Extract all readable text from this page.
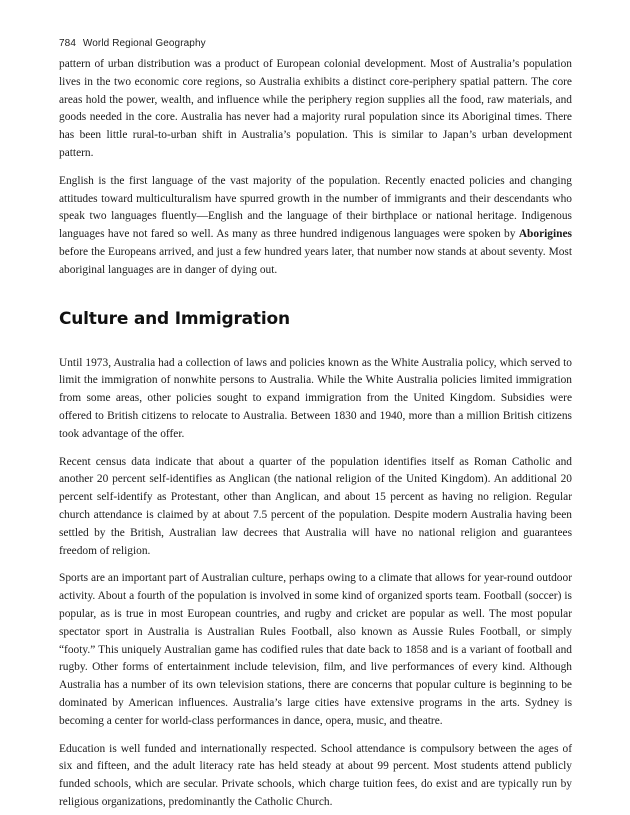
784 World Regional Geography

pattern of urban distribution was a product of European colonial development. Most of Australia’s population lives in the two economic core regions, so Australia exhibits a distinct core-periphery spatial pattern. The core areas hold the power, wealth, and influence while the periphery region supplies all the food, raw materials, and goods needed in the core. Australia has never had a majority rural population since its Aboriginal times. There has been little rural-to-urban shift in Australia’s population. This is similar to Japan’s urban development pattern.

English is the first language of the vast majority of the population. Recently enacted policies and changing attitudes toward multiculturalism have spurred growth in the number of immigrants and their descendants who speak two languages fluently—English and the language of their birthplace or national heritage. Indigenous languages have not fared so well. As many as three hundred indigenous languages were spoken by Aborigines before the Europeans arrived, and just a few hundred years later, that number now stands at about seventy. Most aboriginal languages are in danger of dying out.

Culture and Immigration

Until 1973, Australia had a collection of laws and policies known as the White Australia policy, which served to limit the immigration of nonwhite persons to Australia. While the White Australia policies limited immigration from some areas, other policies sought to expand immigration from the United Kingdom. Subsidies were offered to British citizens to relocate to Australia. Between 1830 and 1940, more than a million British citizens took advantage of the offer.

Recent census data indicate that about a quarter of the population identifies itself as Roman Catholic and another 20 percent self-identifies as Anglican (the national religion of the United Kingdom). An additional 20 percent self-identify as Protestant, other than Anglican, and about 15 percent as having no religion. Regular church attendance is claimed by at about 7.5 percent of the population. Despite modern Australia having been settled by the British, Australian law decrees that Australia will have no national religion and guarantees freedom of religion.

Sports are an important part of Australian culture, perhaps owing to a climate that allows for year-round outdoor activity. About a fourth of the population is involved in some kind of organized sports team. Football (soccer) is popular, as is true in most European countries, and rugby and cricket are popular as well. The most popular spectator sport in Australia is Australian Rules Football, also known as Aussie Rules Football, or simply “footy.” This uniquely Australian game has codified rules that date back to 1858 and is a variant of football and rugby. Other forms of entertainment include television, film, and live performances of every kind. Although Australia has a number of its own television stations, there are concerns that popular culture is beginning to be dominated by American influences. Australia’s large cities have extensive programs in the arts. Sydney is becoming a center for world-class performances in dance, opera, music, and theatre.

Education is well funded and internationally respected. School attendance is compulsory between the ages of six and fifteen, and the adult literacy rate has held steady at about 99 percent. Most students attend publicly funded schools, which are secular. Private schools, which charge tuition fees, do exist and are typically run by religious organizations, predominantly the Catholic Church.
